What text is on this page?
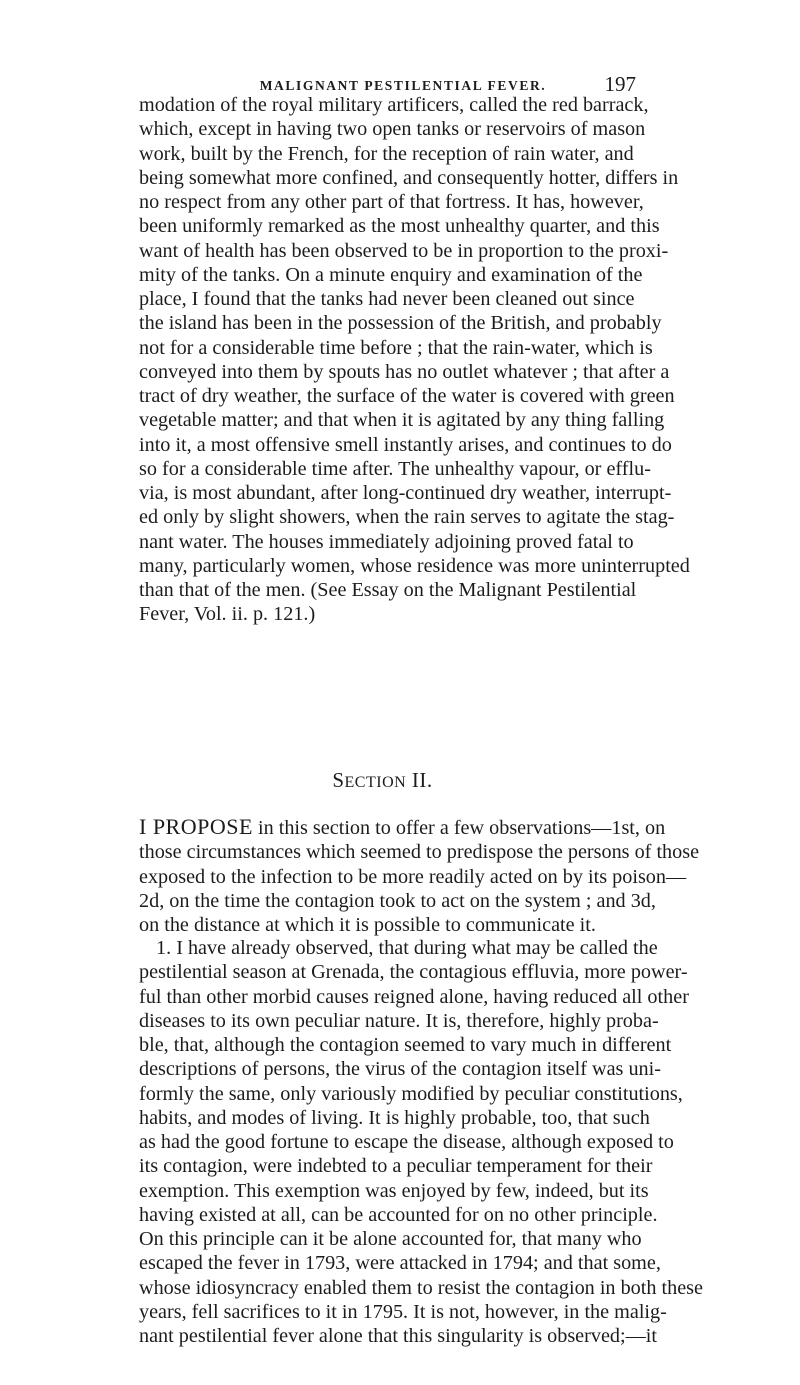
MALIGNANT PESTILENTIAL FEVER.	197
modation of the royal military artificers, called the red barrack,
which, except in having two open tanks or reservoirs of mason
work, built by the French, for the reception of rain water, and
being somewhat more confined, and consequently hotter, differs in
no respect from any other part of that fortress. It has, however,
been uniformly remarked as the most unhealthy quarter, and this
want of health has been observed to be in proportion to the proxi-
mity of the tanks. On a minute enquiry and examination of the
place, I found that the tanks had never been cleaned out since
the island has been in the possession of the British, and probably
not for a considerable time before ; that the rain-water, which is
conveyed into them by spouts has no outlet whatever ; that after a
tract of dry weather, the surface of the water is covered with green
vegetable matter; and that when it is agitated by any thing falling
into it, a most offensive smell instantly arises, and continues to do
so for a considerable time after. The unhealthy vapour, or efflu-
via, is most abundant, after long-continued dry weather, interrupt-
ed only by slight showers, when the rain serves to agitate the stag-
nant water. The houses immediately adjoining proved fatal to
many, particularly women, whose residence was more uninterrupted
than that of the men. (See Essay on the Malignant Pestilential
Fever, Vol. ii. p. 121.)
SECTION II.
I PROPOSE in this section to offer a few observations—1st, on
those circumstances which seemed to predispose the persons of those
exposed to the infection to be more readily acted on by its poison—
2d, on the time the contagion took to act on the system ; and 3d,
on the distance at which it is possible to communicate it.
1. I have already observed, that during what may be called the
pestilential season at Grenada, the contagious effluvia, more power-
ful than other morbid causes reigned alone, having reduced all other
diseases to its own peculiar nature. It is, therefore, highly proba-
ble, that, although the contagion seemed to vary much in different
descriptions of persons, the virus of the contagion itself was uni-
formly the same, only variously modified by peculiar constitutions,
habits, and modes of living. It is highly probable, too, that such
as had the good fortune to escape the disease, although exposed to
its contagion, were indebted to a peculiar temperament for their
exemption. This exemption was enjoyed by few, indeed, but its
having existed at all, can be accounted for on no other principle.
On this principle can it be alone accounted for, that many who
escaped the fever in 1793, were attacked in 1794; and that some,
whose idiosyncracy enabled them to resist the contagion in both these
years, fell sacrifices to it in 1795. It is not, however, in the malig-
nant pestilential fever alone that this singularity is observed;—it
